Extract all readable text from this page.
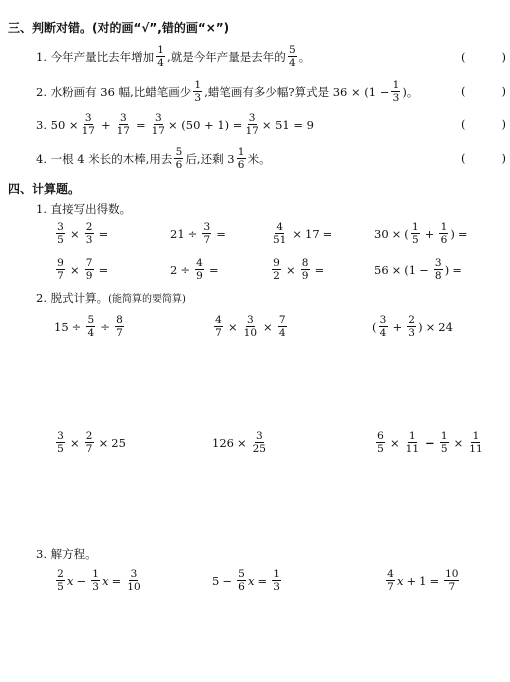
三、判断对错。(对的画“√”,错的画“×”)
1.
今年产量比去年增加 $\frac{1}{4}$ ,就是今年产量是去年的 $\frac{5}{4}$ 。	(	)
2.
水粉画有 36 幅,比蜡笔画少 $\frac{1}{3}$ ,蜡笔画有多少幅?算式是 $36 \times (1 - \frac{1}{3}$ )。	(	)
3.
$50 \times \frac{3}{17} + \frac{3}{17} = \frac{3}{17} \times (50 + 1) = \frac{3}{17} \times 51 = 9$	(	)
4.
一根 4 米长的木棒,用去 $\frac{5}{6}$ 后,还剩 $3 \frac{1}{6}$ 米。	(	)
四、计算题。
1. 直接写出得数。
$\frac{3}{5} \times \frac{2}{3}$ =	$21 \div \frac{3}{7}$ =	$\frac{4}{51} \times 17$ =	30 × ( $\frac{1}{5} + \frac{1}{6}$ ) =
$\frac{9}{7} \times \frac{7}{9}$ =	$2 \div \frac{4}{9}$ =	$\frac{9}{2} \times \frac{8}{9}$ =	56 × ( $1 - \frac{3}{8}$ ) =
2. 脱式计算。(能简算的要简算)
$15 \div \frac{5}{4} \div \frac{8}{7}$	$\frac{4}{7} \times \frac{3}{10} \times \frac{7}{4}$	( $\frac{3}{4} + \frac{2}{3}$ ) × 24
$\frac{3}{5} \times \frac{2}{7} \times 25$	$126 \times \frac{3}{25}$	$\frac{6}{5} \times \frac{1}{11} - \frac{1}{5} \times \frac{1}{11}$
3. 解方程。
$\frac{2}{5}$ $x - \frac{1}{3}$ $x = \frac{3}{10}$	$5 - \frac{5}{6}$ $x = \frac{1}{3}$	$\frac{4}{7}$ $x + 1 = \frac{10}{7}$
